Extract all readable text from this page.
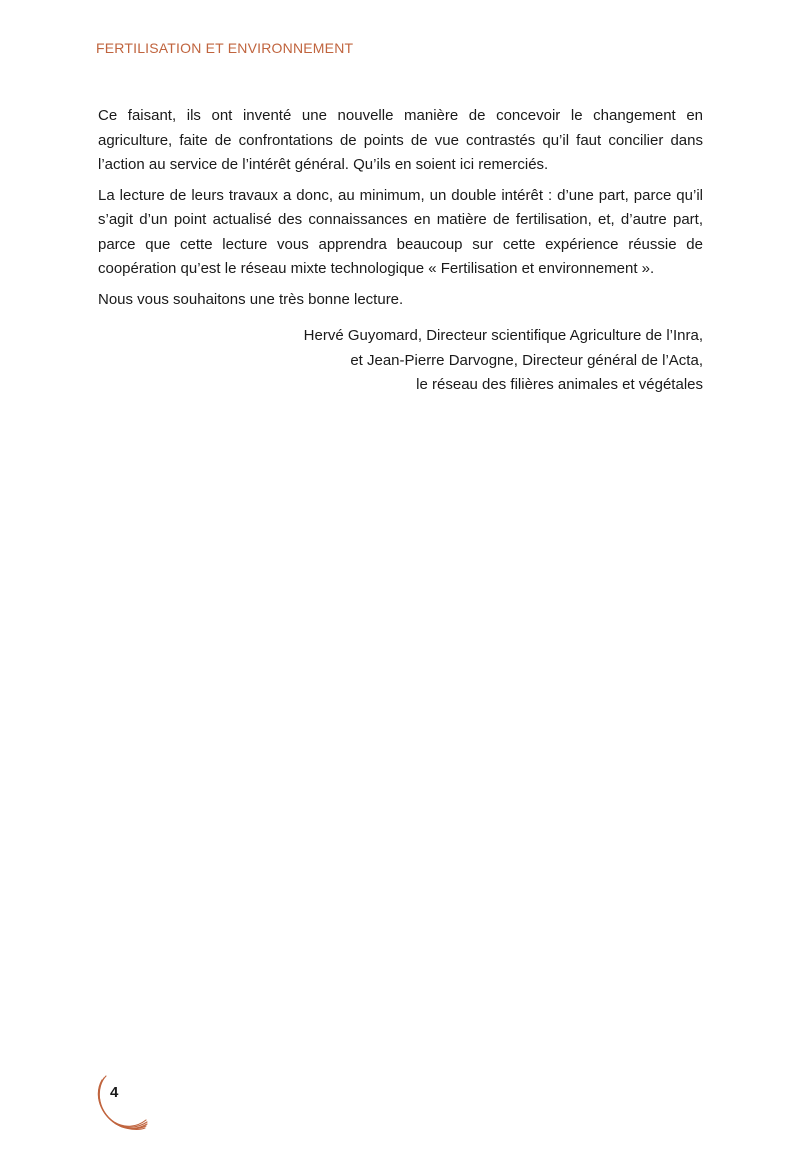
FERTILISATION ET ENVIRONNEMENT

Ce faisant, ils ont inventé une nouvelle manière de concevoir le changement en agriculture, faite de confrontations de points de vue contrastés qu’il faut concilier dans l’action au service de l’intérêt général. Qu’ils en soient ici remerciés.

La lecture de leurs travaux a donc, au minimum, un double intérêt : d’une part, parce qu’il s’agit d’un point actualisé des connaissances en matière de fertilisation, et, d’autre part, parce que cette lecture vous apprendra beaucoup sur cette expérience réussie de coopération qu’est le réseau mixte technologique « Fertilisation et environnement ».

Nous vous souhaitons une très bonne lecture.

Hervé Guyomard, Directeur scientifique Agriculture de l’Inra,
et Jean-Pierre Darvogne, Directeur général de l’Acta,
le réseau des filières animales et végétales
4
